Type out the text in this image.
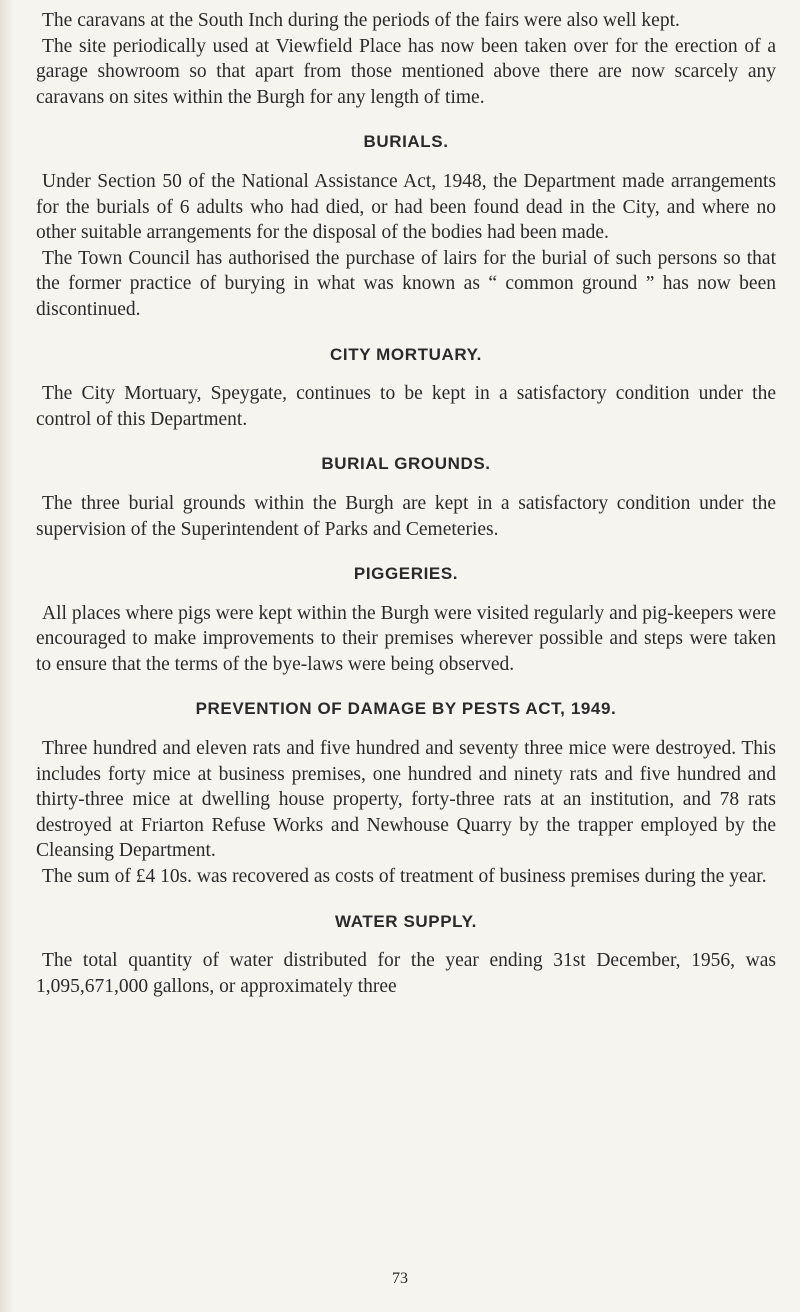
The caravans at the South Inch during the periods of the fairs were also well kept.

The site periodically used at Viewfield Place has now been taken over for the erection of a garage showroom so that apart from those mentioned above there are now scarcely any caravans on sites within the Burgh for any length of time.

BURIALS.

Under Section 50 of the National Assistance Act, 1948, the Department made arrangements for the burials of 6 adults who had died, or had been found dead in the City, and where no other suitable arrangements for the disposal of the bodies had been made.

The Town Council has authorised the purchase of lairs for the burial of such persons so that the former practice of burying in what was known as “ common ground ” has now been discontinued.

CITY MORTUARY.

The City Mortuary, Speygate, continues to be kept in a satisfactory condition under the control of this Department.

BURIAL GROUNDS.

The three burial grounds within the Burgh are kept in a satisfactory condition under the supervision of the Superintendent of Parks and Cemeteries.

PIGGERIES.

All places where pigs were kept within the Burgh were visited regularly and pig-keepers were encouraged to make improvements to their premises wherever possible and steps were taken to ensure that the terms of the bye-laws were being observed.

PREVENTION OF DAMAGE BY PESTS ACT, 1949.

Three hundred and eleven rats and five hundred and seventy three mice were destroyed. This includes forty mice at business premises, one hundred and ninety rats and five hundred and thirty-three mice at dwelling house property, forty-three rats at an institution, and 78 rats destroyed at Friarton Refuse Works and Newhouse Quarry by the trapper employed by the Cleansing Department.

The sum of £4 10s. was recovered as costs of treatment of business premises during the year.

WATER SUPPLY.

The total quantity of water distributed for the year ending 31st December, 1956, was 1,095,671,000 gallons, or approximately three

73
